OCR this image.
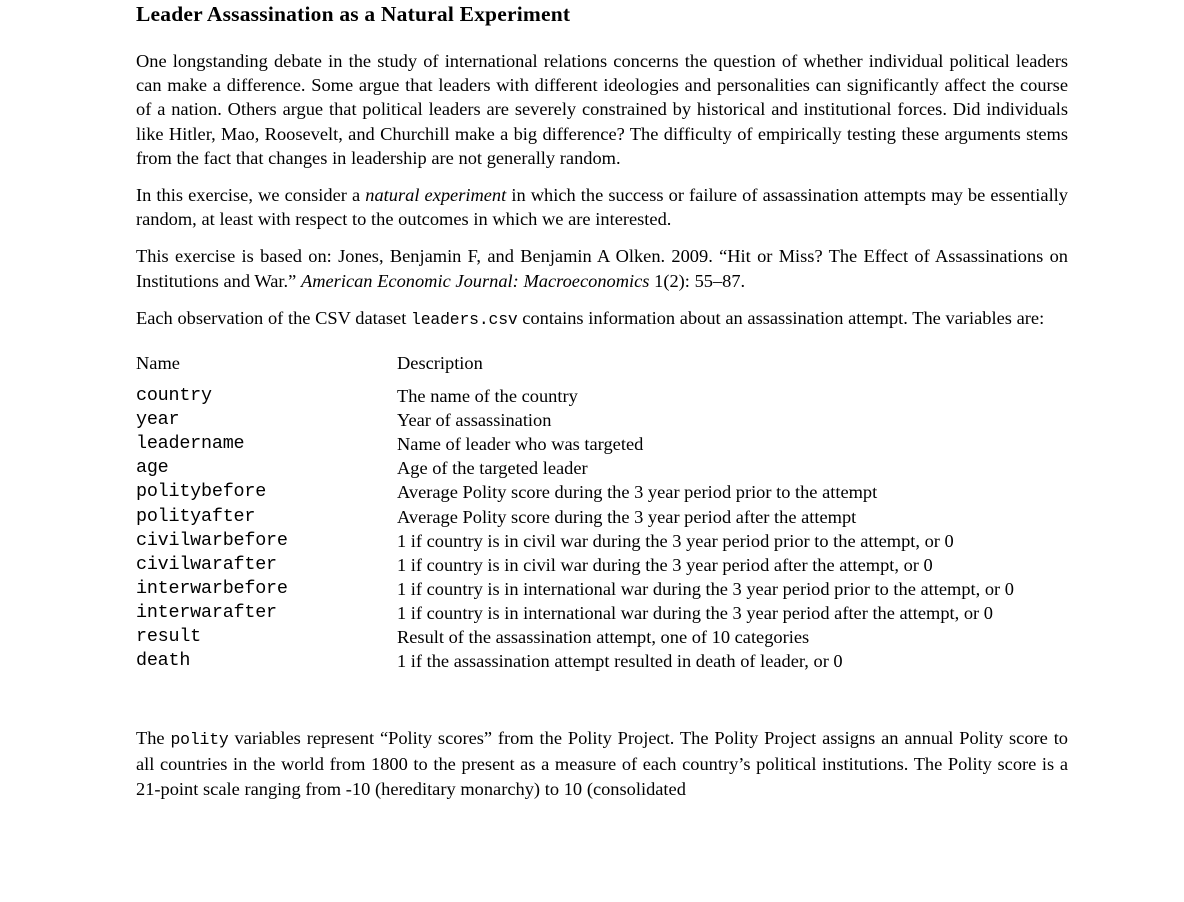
Leader Assassination as a Natural Experiment

One longstanding debate in the study of international relations concerns the question of whether individual political leaders can make a difference. Some argue that leaders with different ideologies and personalities can significantly affect the course of a nation. Others argue that political leaders are severely constrained by historical and institutional forces. Did individuals like Hitler, Mao, Roosevelt, and Churchill make a big difference? The difficulty of empirically testing these arguments stems from the fact that changes in leadership are not generally random.

In this exercise, we consider a natural experiment in which the success or failure of assassination attempts may be essentially random, at least with respect to the outcomes in which we are interested.

This exercise is based on: Jones, Benjamin F, and Benjamin A Olken. 2009. “Hit or Miss? The Effect of Assassinations on Institutions and War.” American Economic Journal: Macroeconomics 1(2): 55–87.

Each observation of the CSV dataset leaders.csv contains information about an assassination attempt. The variables are:

Name	Description
country	The name of the country
year	Year of assassination
leadername	Name of leader who was targeted
age	Age of the targeted leader
politybefore	Average Polity score during the 3 year period prior to the attempt
polityafter	Average Polity score during the 3 year period after the attempt
civilwarbefore	1 if country is in civil war during the 3 year period prior to the attempt, or 0
civilwarafter	1 if country is in civil war during the 3 year period after the attempt, or 0
interwarbefore	1 if country is in international war during the 3 year period prior to the attempt, or 0
interwarafter	1 if country is in international war during the 3 year period after the attempt, or 0
result	Result of the assassination attempt, one of 10 categories
death	1 if the assassination attempt resulted in death of leader, or 0

The polity variables represent “Polity scores” from the Polity Project. The Polity Project assigns an annual Polity score to all countries in the world from 1800 to the present as a measure of each country’s political institutions. The Polity score is a 21-point scale ranging from -10 (hereditary monarchy) to 10 (consolidated
